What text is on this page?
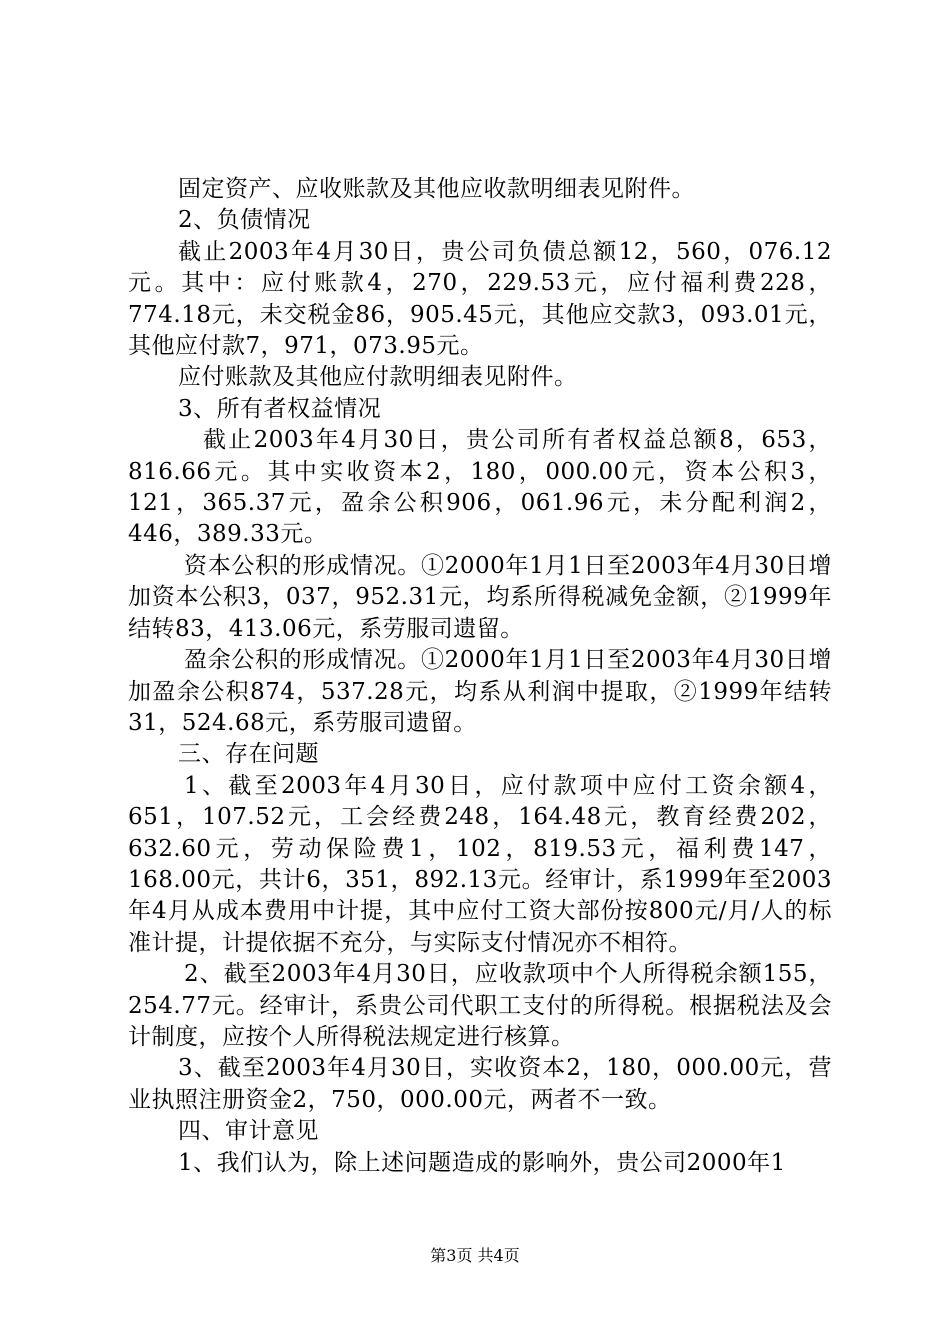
固定资产、应收账款及其他应收款明细表见附件。

2、负债情况

截止2003年4月30日，贵公司负债总额12，560，076.12元。其中：应付账款4，270，229.53元，应付福利费228，774.18元，未交税金86，905.45元，其他应交款3，093.01元，其他应付款7，971，073.95元。

应付账款及其他应付款明细表见附件。

3、所有者权益情况

截止2003年4月30日，贵公司所有者权益总额8，653，816.66元。其中实收资本2，180，000.00元，资本公积3，121，365.37元，盈余公积906，061.96元，未分配利润2，446，389.33元。

资本公积的形成情况。①2000年1月1日至2003年4月30日增加资本公积3，037，952.31元，均系所得税减免金额，②1999年结转83，413.06元，系劳服司遗留。

盈余公积的形成情况。①2000年1月1日至2003年4月30日增加盈余公积874，537.28元，均系从利润中提取，②1999年结转31，524.68元，系劳服司遗留。

三、存在问题

1、截至2003年4月30日，应付款项中应付工资余额4，651，107.52元，工会经费248，164.48元，教育经费202，632.60元，劳动保险费1，102，819.53元，福利费147，168.00元，共计6，351，892.13元。经审计，系1999年至2003年4月从成本费用中计提，其中应付工资大部份按800元/月/人的标准计提，计提依据不充分，与实际支付情况亦不相符。

2、截至2003年4月30日，应收款项中个人所得税余额155，254.77元。经审计，系贵公司代职工支付的所得税。根据税法及会计制度，应按个人所得税法规定进行核算。

3、截至2003年4月30日，实收资本2，180，000.00元，营业执照注册资金2，750，000.00元，两者不一致。

四、审计意见

1、我们认为，除上述问题造成的影响外，贵公司2000年1

第3页 共4页
